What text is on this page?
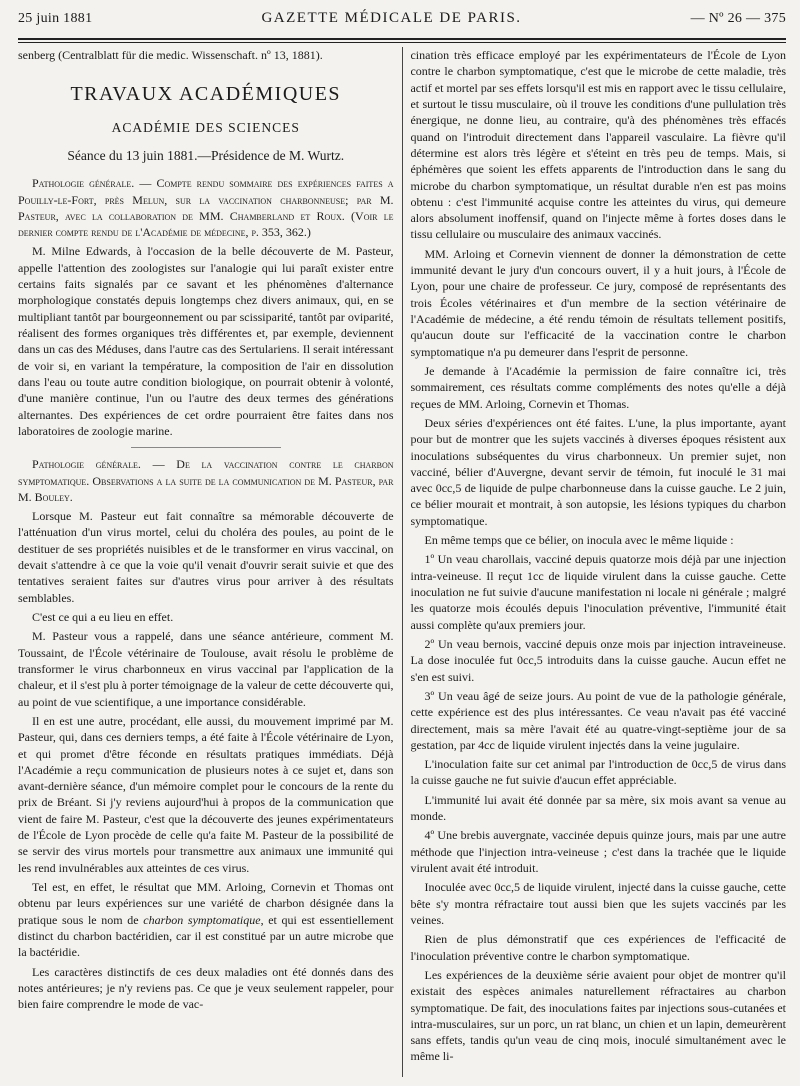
25 juin 1881	GAZETTE MÉDICALE DE PARIS.	— Nº 26 — 375

senberg (Centralblatt für die medic. Wissenschaft. nº 13, 1881).

TRAVAUX ACADÉMIQUES
ACADÉMIE DES SCIENCES
Séance du 13 juin 1881.—Présidence de M. Wurtz.

Pathologie générale. — Compte rendu sommaire des expériences faites a Pouilly-le-Fort, près Melun, sur la vaccination charbonneuse; par M. Pasteur, avec la collaboration de MM. Chamberland et Roux. (Voir le dernier compte rendu de l'Académie de médecine, p. 353, 362.)

M. Milne Edwards, à l'occasion de la belle découverte de M. Pasteur, appelle l'attention des zoologistes sur l'analogie qui lui paraît exister entre certains faits signalés par ce savant et les phénomènes d'alternance morphologique constatés depuis longtemps chez divers animaux, qui, en se multipliant tantôt par bourgeonnement ou par scissiparité, tantôt par oviparité, réalisent des formes organiques très différentes et, par exemple, deviennent dans un cas des Méduses, dans l'autre cas des Sertulariens. Il serait intéressant de voir si, en variant la température, la composition de l'air en dissolution dans l'eau ou toute autre condition biologique, on pourrait obtenir à volonté, d'une manière continue, l'un ou l'autre des deux termes des générations alternantes. Des expériences de cet ordre pourraient être faites dans nos laboratoires de zoologie marine.

Pathologie générale. — De la vaccination contre le charbon symptomatique. Observations a la suite de la communication de M. Pasteur, par M. Bouley.

Lorsque M. Pasteur eut fait connaître sa mémorable découverte de l'atténuation d'un virus mortel, celui du choléra des poules, au point de le destituer de ses propriétés nuisibles et de le transformer en virus vaccinal, on devait s'attendre à ce que la voie qu'il venait d'ouvrir serait suivie et que des tentatives seraient faites sur d'autres virus pour arriver à des résultats semblables.

C'est ce qui a eu lieu en effet.

M. Pasteur vous a rappelé, dans une séance antérieure, comment M. Toussaint, de l'École vétérinaire de Toulouse, avait résolu le problème de transformer le virus charbonneux en virus vaccinal par l'application de la chaleur, et il s'est plu à porter témoignage de la valeur de cette découverte qui, au point de vue scientifique, a une importance considérable.

Il en est une autre, procédant, elle aussi, du mouvement imprimé par M. Pasteur, qui, dans ces derniers temps, a été faite à l'École vétérinaire de Lyon, et qui promet d'être féconde en résultats pratiques immédiats. Déjà l'Académie a reçu communication de plusieurs notes à ce sujet et, dans son avant-dernière séance, d'un mémoire complet pour le concours de la rente du prix de Bréant. Si j'y reviens aujourd'hui à propos de la communication que vient de faire M. Pasteur, c'est que la découverte des jeunes expérimentateurs de l'École de Lyon procède de celle qu'a faite M. Pasteur de la possibilité de se servir des virus mortels pour transmettre aux animaux une immunité qui les rend invulnérables aux atteintes de ces virus.

Tel est, en effet, le résultat que MM. Arloing, Cornevin et Thomas ont obtenu par leurs expériences sur une variété de charbon désignée dans la pratique sous le nom de charbon symptomatique, et qui est essentiellement distinct du charbon bactéridien, car il est constitué par un autre microbe que la bactéridie.

Les caractères distinctifs de ces deux maladies ont été donnés dans des notes antérieures; je n'y reviens pas. Ce que je veux seulement rappeler, pour bien faire comprendre le mode de vac-

cination très efficace employé par les expérimentateurs de l'École de Lyon contre le charbon symptomatique, c'est que le microbe de cette maladie, très actif et mortel par ses effets lorsqu'il est mis en rapport avec le tissu cellulaire, et surtout le tissu musculaire, où il trouve les conditions d'une pullulation très énergique, ne donne lieu, au contraire, qu'à des phénomènes très effacés quand on l'introduit directement dans l'appareil vasculaire. La fièvre qu'il détermine est alors très légère et s'éteint en très peu de temps. Mais, si éphémères que soient les effets apparents de l'introduction dans le sang du microbe du charbon symptomatique, un résultat durable n'en est pas moins obtenu : c'est l'immunité acquise contre les atteintes du virus, qui demeure alors absolument inoffensif, quand on l'injecte même à fortes doses dans le tissu cellulaire ou musculaire des animaux vaccinés.

MM. Arloing et Cornevin viennent de donner la démonstration de cette immunité devant le jury d'un concours ouvert, il y a huit jours, à l'École de Lyon, pour une chaire de professeur. Ce jury, composé de représentants des trois Écoles vétérinaires et d'un membre de la section vétérinaire de l'Académie de médecine, a été rendu témoin de résultats tellement positifs, qu'aucun doute sur l'efficacité de la vaccination contre le charbon symptomatique n'a pu demeurer dans l'esprit de personne.

Je demande à l'Académie la permission de faire connaître ici, très sommairement, ces résultats comme compléments des notes qu'elle a déjà reçues de MM. Arloing, Cornevin et Thomas.

Deux séries d'expériences ont été faites. L'une, la plus importante, ayant pour but de montrer que les sujets vaccinés à diverses époques résistent aux inoculations subséquentes du virus charbonneux. Un premier sujet, non vacciné, bélier d'Auvergne, devant servir de témoin, fut inoculé le 31 mai avec 0cc,5 de liquide de pulpe charbonneuse dans la cuisse gauche. Le 2 juin, ce bélier mourait et montrait, à son autopsie, les lésions typiques du charbon symptomatique.

En même temps que ce bélier, on inocula avec le même liquide :

1º Un veau charollais, vacciné depuis quatorze mois déjà par une injection intra-veineuse. Il reçut 1cc de liquide virulent dans la cuisse gauche. Cette inoculation ne fut suivie d'aucune manifestation ni locale ni générale ; malgré les quatorze mois écoulés depuis l'inoculation préventive, l'immunité était aussi complète qu'aux premiers jour.

2º Un veau bernois, vacciné depuis onze mois par injection intraveineuse. La dose inoculée fut 0cc,5 introduits dans la cuisse gauche. Aucun effet ne s'en est suivi.

3º Un veau âgé de seize jours. Au point de vue de la pathologie générale, cette expérience est des plus intéressantes. Ce veau n'avait pas été vacciné directement, mais sa mère l'avait été au quatre-vingt-septième jour de sa gestation, par 4cc de liquide virulent injectés dans la veine jugulaire.

L'inoculation faite sur cet animal par l'introduction de 0cc,5 de virus dans la cuisse gauche ne fut suivie d'aucun effet appréciable.

L'immunité lui avait été donnée par sa mère, six mois avant sa venue au monde.

4º Une brebis auvergnate, vaccinée depuis quinze jours, mais par une autre méthode que l'injection intra-veineuse ; c'est dans la trachée que le liquide virulent avait été introduit.

Inoculée avec 0cc,5 de liquide virulent, injecté dans la cuisse gauche, cette bête s'y montra réfractaire tout aussi bien que les sujets vaccinés par les veines.

Rien de plus démonstratif que ces expériences de l'efficacité de l'inoculation préventive contre le charbon symptomatique.

Les expériences de la deuxième série avaient pour objet de montrer qu'il existait des espèces animales naturellement réfractaires au charbon symptomatique. De fait, des inoculations faites par injections sous-cutanées et intra-musculaires, sur un porc, un rat blanc, un chien et un lapin, demeurèrent sans effets, tandis qu'un veau de cinq mois, inoculé simultanément avec le même li-
